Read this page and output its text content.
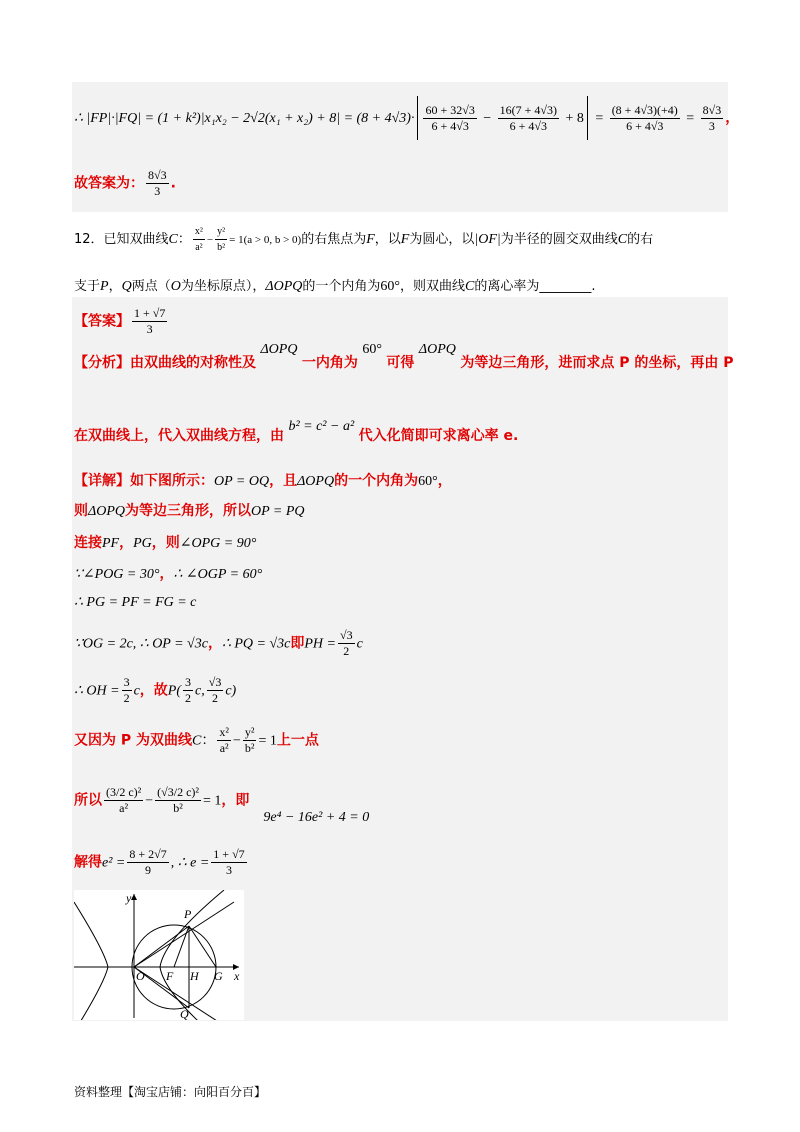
∴ $|FP|\cdot|FQ| = (1 + k^2)|x_1x_2 - 2√2(x_1 + x_2) + 8| = (8 + 4√3)\cdot \frac{60 + 32√3}{6 + 4√3} - \frac{16(7 + 4√3)}{6 + 4√3} + 8 = \frac{(8 + 4√3)(+4)}{6 + 4√3} = \frac{8√3}{3}$ ，
故答案为： $\frac{8√3}{3}$ .
12．已知双曲线C： $\frac{\text{x²}}{\text{a²}} - \frac{\text{y²}}{\text{b²}} = 1(a > 0$, b > 0)的右焦点为F，以F为圆心，以|OF|为半径的圆交双曲线C的右
支于P，Q两点（O为坐标原点），ΔOPQ的一个内角为60°，则双曲线C的离心率为________.
【答案】 $\frac{1 + √7}{3}$
【分析】由双曲线的对称性及 ΔOPQ 一内角为 60° 可得 ΔOPQ 为等边三角形，进而求点 P 的坐标，再由 P
在双曲线上，代入双曲线方程，由 b² = c² − a² 代入化简即可求离心率 e.
【详解】如下图所示：OP = OQ，且ΔOPQ的一个内角为60°，
则ΔOPQ为等边三角形，所以OP = PQ
连接PF，PG，则∠OPG = 90°
∵∠POG = 30°，∴ ∠OGP = 60°
∴ PG = PF = FG = c
∵OG = 2c, ∴ OP = √3c，∴ PQ = √3c即PH = $\frac{√3}{2}$ c
∴ OH = $\frac{3}{2}$ c，故$P( \frac{3}{2} c$, $\frac{√3}{2} c$)
又因为 P 为双曲线C： $\frac{\text{x²}}{\text{a²}} - \frac{\text{y²}}{\text{b²}} = 1$上一点
所以 $\frac{\text{(3/2 c)²}}{\text{a²}} - \frac{\text{(√3/2 c)²}}{\text{b²}} = 1$，即9e⁴ − 16e² + 4 = 0
解得$e^2 = \frac{8 + 2√7}{9}$ , ∴ $e = \frac{1 + √7}{3}$
y
x
P
Q
O F H G
资料整理【淘宝店铺：向阳百分百】
